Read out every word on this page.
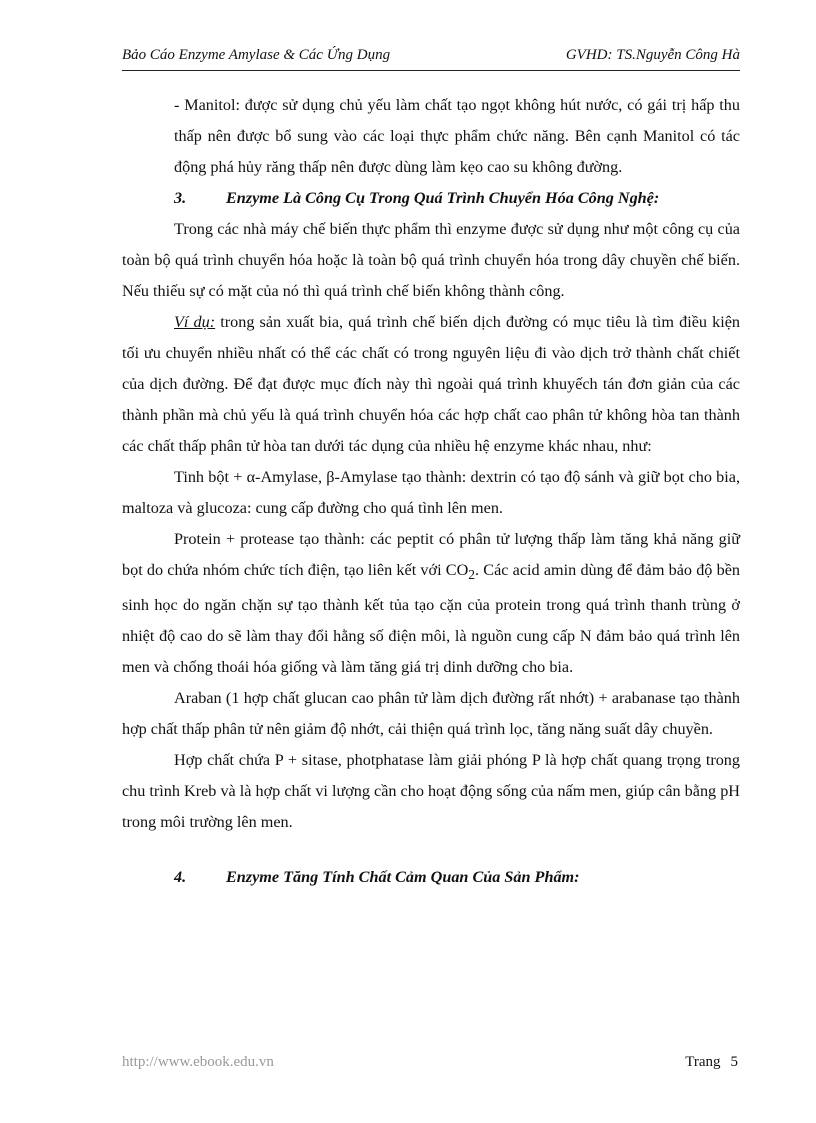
Bảo Cáo Enzyme Amylase & Các Ứng Dụng	GVHD: TS.Nguyễn Công Hà

- Manitol: được sử dụng chủ yếu làm chất tạo ngọt không hút nước, có gái trị hấp thu thấp nên được bổ sung vào các loại thực phẩm chức năng. Bên cạnh Manitol có tác động phá hủy răng thấp nên được dùng làm kẹo cao su không đường.

3. Enzyme Là Công Cụ Trong Quá Trình Chuyển Hóa Công Nghệ:

Trong các nhà máy chế biến thực phẩm thì enzyme được sử dụng như một công cụ của toàn bộ quá trình chuyển hóa hoặc là toàn bộ quá trình chuyển hóa trong dây chuyền chế biến. Nếu thiếu sự có mặt của nó thì quá trình chế biến không thành công.

Ví dụ: trong sản xuất bia, quá trình chế biến dịch đường có mục tiêu là tìm điều kiện tối ưu chuyển nhiều nhất có thể các chất có trong nguyên liệu đi vào dịch trở thành chất chiết của dịch đường. Để đạt được mục đích này thì ngoài quá trình khuyếch tán đơn giản của các thành phần mà chủ yếu là quá trình chuyển hóa các hợp chất cao phân tử không hòa tan thành các chất thấp phân tử hòa tan dưới tác dụng của nhiều hệ enzyme khác nhau, như:

Tinh bột + α-Amylase, β-Amylase tạo thành: dextrin có tạo độ sánh và giữ bọt cho bia, maltoza và glucoza: cung cấp đường cho quá tình lên men.

Protein + protease tạo thành: các peptit có phân tử lượng thấp làm tăng khả năng giữ bọt do chứa nhóm chức tích điện, tạo liên kết với $CO_2$. Các acid amin dùng để đảm bảo độ bền sinh học do ngăn chặn sự tạo thành kết tủa tạo cặn của protein trong quá trình thanh trùng ở nhiệt độ cao do sẽ làm thay đổi hằng số điện môi, là nguồn cung cấp N đảm bảo quá trình lên men và chống thoái hóa giống và làm tăng giá trị dinh dưỡng cho bia.

Araban (1 hợp chất glucan cao phân tử làm dịch đường rất nhớt) + arabanase tạo thành hợp chất thấp phân tử nên giảm độ nhớt, cải thiện quá trình lọc, tăng năng suất dây chuyền.

Hợp chất chứa P + sitase, photphatase làm giải phóng P là hợp chất quang trọng trong chu trình Kreb và là hợp chất vi lượng cần cho hoạt động sống của nấm men, giúp cân bằng pH trong môi trường lên men.

4. Enzyme Tăng Tính Chất Cảm Quan Của Sản Phẩm:

http://www.ebook.edu.vn	Trang 5
